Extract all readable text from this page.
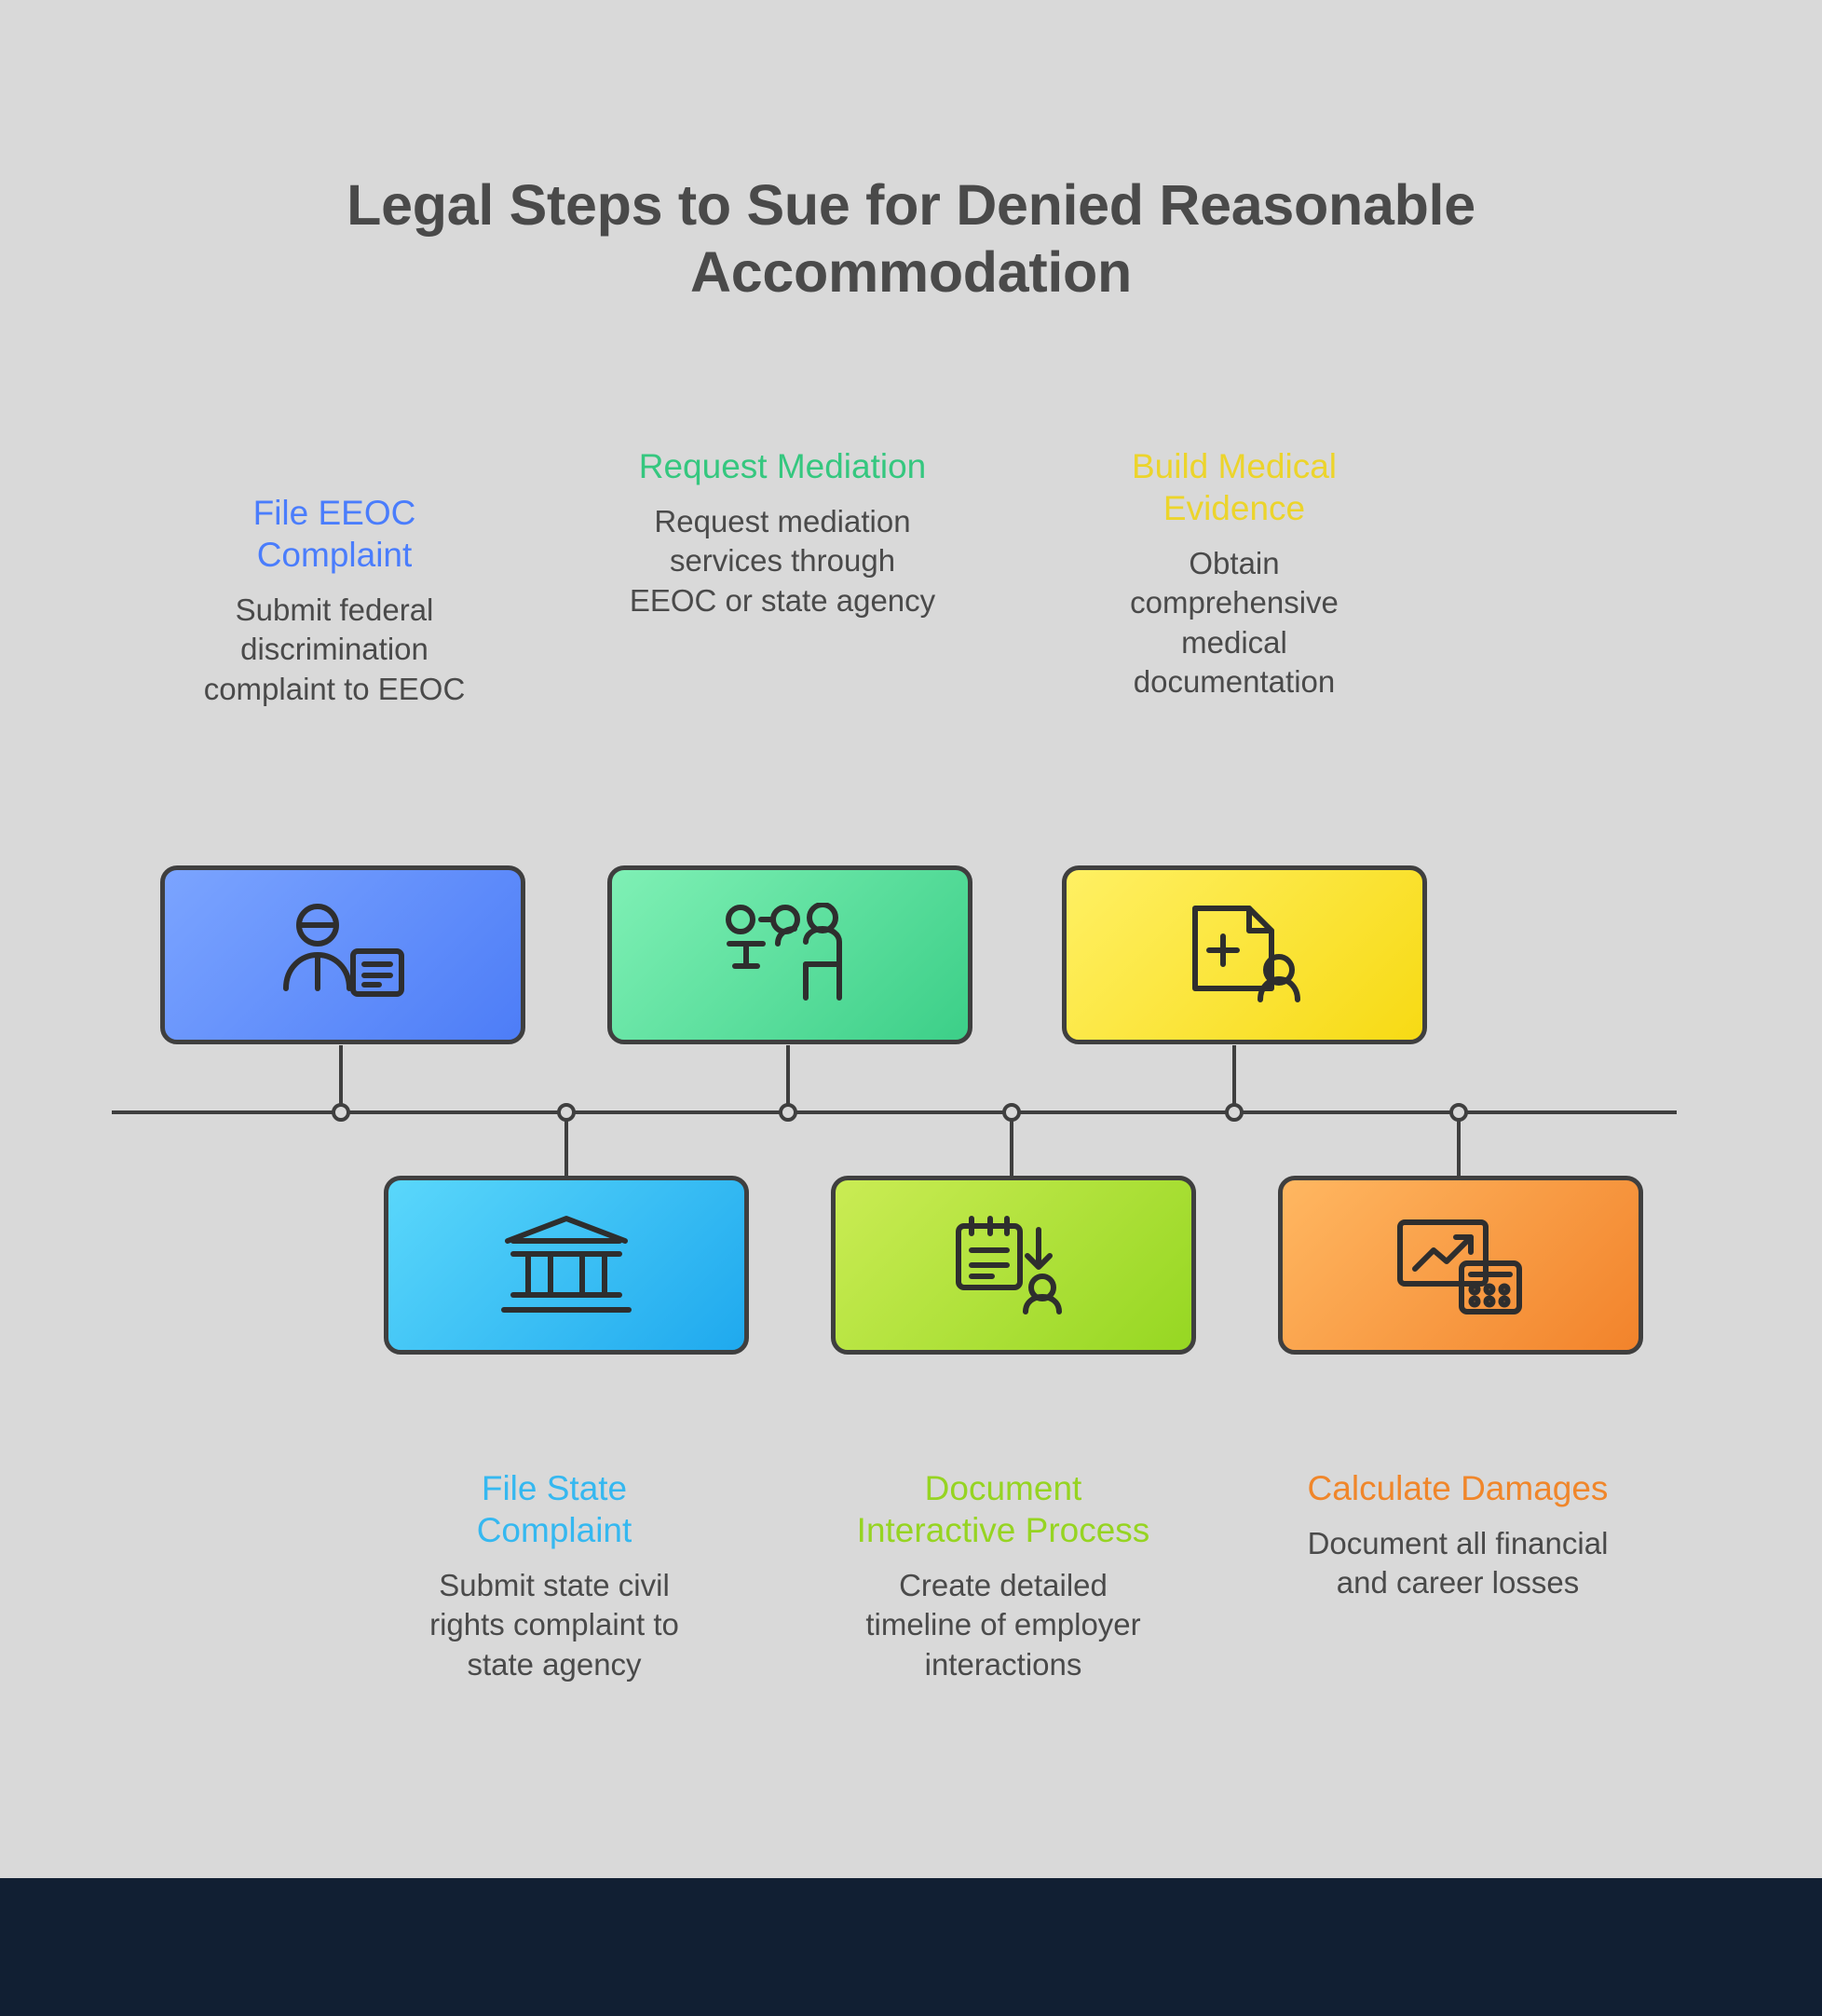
Legal Steps to Sue for Denied Reasonable Accommodation
File EEOC Complaint
Submit federal discrimination complaint to EEOC
Request Mediation
Request mediation services through EEOC or state agency
Build Medical Evidence
Obtain comprehensive medical documentation
File State Complaint
Submit state civil rights complaint to state agency
Document Interactive Process
Create detailed timeline of employer interactions
Calculate Damages
Document all financial and career losses
